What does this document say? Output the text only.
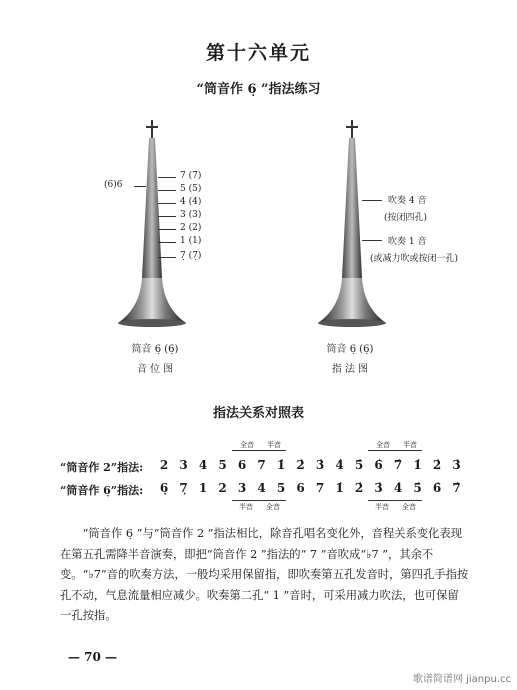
第十六单元
“筒音作 6̣ ”指法练习
(6)6
7 (7̇)
5 (5)
4 (4)
3 (3)
2 (2)
1 (1)
7̣ (7̣)
筒音 6̣ (6̣)
音 位 图
吹奏 4 音
(按闭四孔)
吹奏 1 音
(或减力吹或按闭一孔)
筒音 6̣ (6̣)
指 法 图
指法关系对照表
“筒音作 2”指法:
“筒音作 6̣”指法:
2 3 4 5 6 7 1̇ 2̇ 3̇ 4̇ 5̇ 6̇ 7̇ 1̇ 2̇ 3̇
6̣ 7̣ 1 2 3 4 5 6 7 1̇ 2̇ 3̇ 4̇ 5̇ 6̇ 7̇
全音	半音	全音	半音
半音	全音	半音	全音
“筒音作 6̣ ”与“筒音作 2 ”指法相比，除音孔唱名变化外，音程关系变化表现在第五孔需降半音演奏，即把“筒音作 2 ”指法的“ 7 ”音吹成“♭7 ”，其余不变。“♭7”音的吹奏方法，一般均采用保留指，即吹奏第五孔发音时，第四孔手指按孔不动，气息流量相应减少。吹奏第二孔“ 1 ”音时，可采用减力吹法，也可保留一孔按指。
— 70 —
歌谱简谱网 jianpu.cc
